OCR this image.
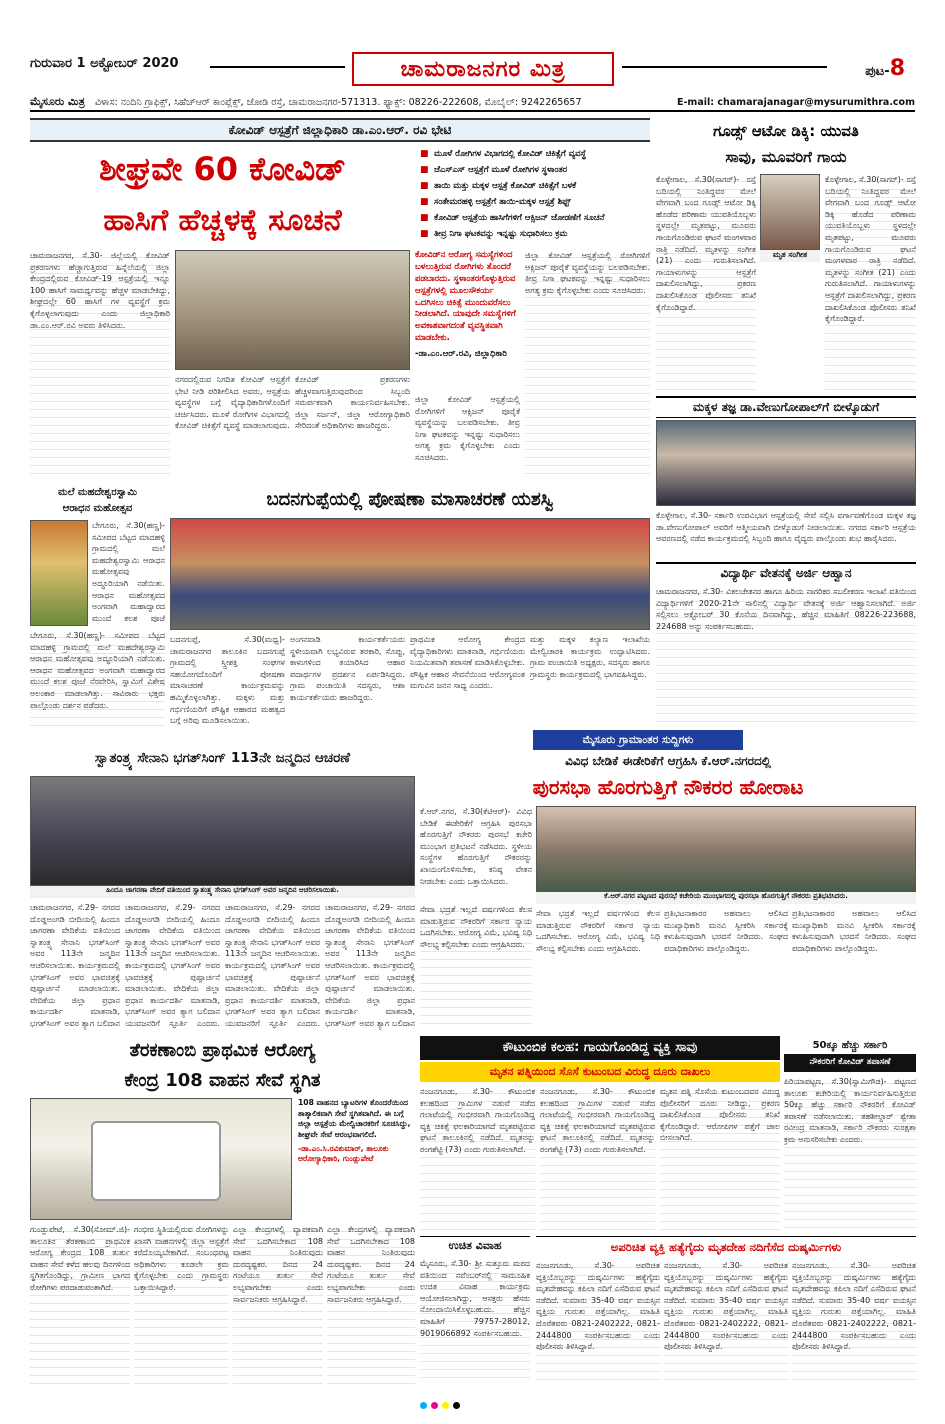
ಗುರುವಾರ 1 ಅಕ್ಟೋಬರ್ 2020	ಚಾಮರಾಜನಗರ ಮಿತ್ರ	ಪುಟ-8
ಮೈಸೂರು ಮಿತ್ರ ವಿಳಾಸ: ನಂದಿನಿ ಗ್ರಾಫಿಕ್ಸ್, ಸಿಹೆಚ್‌ಆರ್ ಕಾಂಪ್ಲೆಕ್ಸ್, ಜೋಡಿ ರಸ್ತೆ, ಚಾಮರಾಜನಗರ-571313. ಫ್ಯಾಕ್ಸ್: 08226-222608, ಮೊಬೈಲ್: 9242265657	E-mail: chamarajanagar@mysurumithra.com
ಕೋವಿಡ್ ಆಸ್ಪತ್ರೆಗೆ ಜಿಲ್ಲಾಧಿಕಾರಿ ಡಾ.ಎಂ.ಆರ್. ರವಿ ಭೇಟಿ
ಶೀಘ್ರವೇ 60 ಕೋವಿಡ್
ಹಾಸಿಗೆ ಹೆಚ್ಚಳಕ್ಕೆ ಸೂಚನೆ
■ ಮೂಳೆ ರೋಗಿಗಳ ವಿಭಾಗದಲ್ಲಿ ಕೋವಿಡ್ ಚಿಕಿತ್ಸೆಗೆ ವ್ಯವಸ್ಥೆ
■ ಜೆಎಸ್‌ಎಸ್ ಆಸ್ಪತ್ರೆಗೆ ಮೂಳೆ ರೋಗಿಗಳ ಸ್ಥಳಾಂತರ
■ ತಾಯಿ ಮತ್ತು ಮಕ್ಕಳ ಆಸ್ಪತ್ರೆ ಕೋವಿಡ್ ಚಿಕಿತ್ಸೆಗೆ ಬಳಕೆ
■ ಸಂತೇಮರಹಳ್ಳಿ ಆಸ್ಪತ್ರೆಗೆ ತಾಯಿ-ಮಕ್ಕಳ ಆಸ್ಪತ್ರೆ ಶಿಫ್ಟ್
■ ಕೋವಿಡ್ ಆಸ್ಪತ್ರೆಯ ಹಾಸಿಗೆಗಳಿಗೆ ಆಕ್ಸಿಜನ್ ಜೋಡಣೆಗೆ ಸೂಚನೆ
■ ತೀವ್ರ ನಿಗಾ ಘಟಕವನ್ನು ಇನ್ನಷ್ಟು ಸುಧಾರಿಸಲು ಕ್ರಮ
ಚಾಮರಾಜನಗರ, ಸೆ.30- ಜಿಲ್ಲೆಯಲ್ಲಿ ಕೋವಿಡ್ ಪ್ರಕರಣಗಳು ಹೆಚ್ಚಾಗುತ್ತಿರುವ ಹಿನ್ನೆಲೆಯಲ್ಲಿ ಜಿಲ್ಲಾ ಕೇಂದ್ರದಲ್ಲಿರುವ ಕೋವಿಡ್-19 ಆಸ್ಪತ್ರೆಯಲ್ಲಿ ಇನ್ನೂ 100 ಹಾಸಿಗೆ ಸಾಮರ್ಥ್ಯವನ್ನು ಹೆಚ್ಚಳ ಮಾಡಬೇಕಿದ್ದು, ಶೀಘ್ರದಲ್ಲೇ 60 ಹಾಸಿಗೆ ಗಳ ವ್ಯವಸ್ಥೆಗೆ ಕ್ರಮ ಕೈಗೊಳ್ಳಲಾಗುವುದು ಎಂದು ಜಿಲ್ಲಾಧಿಕಾರಿ ಡಾ.ಎಂ.ಆರ್.ರವಿ ಅವರು ತಿಳಿಸಿದರು.
ನಗರದಲ್ಲಿರುವ ನಿಗದಿತ ಕೋವಿಡ್ ಆಸ್ಪತ್ರೆಗೆ ಭೇಟಿ ನೀಡಿ ಪರಿಶೀಲಿಸಿದ ಅವರು, ಆಸ್ಪತ್ರೆಯ ವ್ಯವಸ್ಥೆಗಳ ಬಗ್ಗೆ ವೈದ್ಯಾಧಿಕಾರಿಗಳೊಂದಿಗೆ ಚರ್ಚಿಸಿದರು. ಮೂಳೆ ರೋಗಿಗಳ ವಿಭಾಗದಲ್ಲಿ ಕೋವಿಡ್ ಚಿಕಿತ್ಸೆಗೆ ವ್ಯವಸ್ಥೆ ಮಾಡಲಾಗುವುದು.
ಕೋವಿಡ್ ಪ್ರಕರಣಗಳು ಹೆಚ್ಚಳವಾಗುತ್ತಿರುವುದರಿಂದ ಸಿಬ್ಬಂದಿ ಸಮರ್ಪಕವಾಗಿ ಕಾರ್ಯನಿರ್ವಹಿಸಬೇಕು. ಜಿಲ್ಲಾ ಸರ್ಜನ್, ಜಿಲ್ಲಾ ಆರೋಗ್ಯಾಧಿಕಾರಿ ಸೇರಿದಂತೆ ಅಧಿಕಾರಿಗಳು ಹಾಜರಿದ್ದರು.
ಕೋವಿಡ್‌ನ ಆರೋಗ್ಯ ಸಮಸ್ಯೆಗಳಿಂದ ಬಳಲುತ್ತಿರುವ ರೋಗಿಗಳು ತೊಂದರೆ ಪಡಬಾರದು. ಸ್ಥಳಾಂತರಗೊಳ್ಳುತ್ತಿರುವ ಆಸ್ಪತ್ರೆಗಳಲ್ಲಿ ಮೂಲಸೌಕರ್ಯ ಒದಗಿಸಲು ಚಿಕಿತ್ಸೆ ಮುಂದುವರೆಸಲು ನೀಡಲಾಗಿದೆ. ಯಾವುದೇ ಸಮಸ್ಯೆಗಳಿಗೆ ಅವಕಾಶವಾಗದಂತೆ ವ್ಯವಸ್ಥಿತವಾಗಿ ಮಾಡಬೇಕು.
-ಡಾ.ಎಂ.ಆರ್.ರವಿ, ಜಿಲ್ಲಾಧಿಕಾರಿ
ಜಿಲ್ಲಾ ಕೋವಿಡ್ ಆಸ್ಪತ್ರೆಯಲ್ಲಿ ರೋಗಿಗಳಿಗೆ ಆಕ್ಸಿಜನ್ ಪೂರೈಕೆ ವ್ಯವಸ್ಥೆಯನ್ನು ಬಲಪಡಿಸಬೇಕು. ತೀವ್ರ ನಿಗಾ ಘಟಕವನ್ನು ಇನ್ನಷ್ಟು ಸುಧಾರಿಸಲು ಅಗತ್ಯ ಕ್ರಮ ಕೈಗೊಳ್ಳಬೇಕು ಎಂದು ಸೂಚಿಸಿದರು.
ಜಿಲ್ಲಾ ಕೋವಿಡ್ ಆಸ್ಪತ್ರೆಯಲ್ಲಿ ರೋಗಿಗಳಿಗೆ ಆಕ್ಸಿಜನ್ ಪೂರೈಕೆ ವ್ಯವಸ್ಥೆಯನ್ನು ಬಲಪಡಿಸಬೇಕು. ತೀವ್ರ ನಿಗಾ ಘಟಕವನ್ನು ಇನ್ನಷ್ಟು ಸುಧಾರಿಸಲು ಅಗತ್ಯ ಕ್ರಮ ಕೈಗೊಳ್ಳಬೇಕು ಎಂದು ಸೂಚಿಸಿದರು.
ಗೂಡ್ಸ್ ಆಟೋ ಡಿಕ್ಕಿ: ಯುವತಿ
ಸಾವು, ಮೂವರಿಗೆ ಗಾಯ
ಕೊಳ್ಳೇಗಾಲ, ಸೆ.30(ಸಾಗರ್)- ರಸ್ತೆ ಬದಿಯಲ್ಲಿ ನಿಂತಿದ್ದವರ ಮೇಲೆ ವೇಗವಾಗಿ ಬಂದ ಗೂಡ್ಸ್ ಆಟೋ ಡಿಕ್ಕಿ ಹೊಡೆದ ಪರಿಣಾಮ ಯುವತಿಯೊಬ್ಬಳು ಸ್ಥಳದಲ್ಲೇ ಮೃತಪಟ್ಟು, ಮೂವರು ಗಾಯಗೊಂಡಿರುವ ಘಟನೆ ಮಂಗಳವಾರ ರಾತ್ರಿ ನಡೆದಿದೆ. ಮೃತಳನ್ನು ಸಂಗೀತ (21) ಎಂದು ಗುರುತಿಸಲಾಗಿದೆ. ಗಾಯಾಳುಗಳನ್ನು ಆಸ್ಪತ್ರೆಗೆ ದಾಖಲಿಸಲಾಗಿದ್ದು, ಪ್ರಕರಣ ದಾಖಲಿಸಿಕೊಂಡ ಪೊಲೀಸರು ತನಿಖೆ ಕೈಗೊಂಡಿದ್ದಾರೆ.
ಮೃತ ಸಂಗೀತ
ಕೊಳ್ಳೇಗಾಲ, ಸೆ.30(ಸಾಗರ್)- ರಸ್ತೆ ಬದಿಯಲ್ಲಿ ನಿಂತಿದ್ದವರ ಮೇಲೆ ವೇಗವಾಗಿ ಬಂದ ಗೂಡ್ಸ್ ಆಟೋ ಡಿಕ್ಕಿ ಹೊಡೆದ ಪರಿಣಾಮ ಯುವತಿಯೊಬ್ಬಳು ಸ್ಥಳದಲ್ಲೇ ಮೃತಪಟ್ಟು, ಮೂವರು ಗಾಯಗೊಂಡಿರುವ ಘಟನೆ ಮಂಗಳವಾರ ರಾತ್ರಿ ನಡೆದಿದೆ. ಮೃತಳನ್ನು ಸಂಗೀತ (21) ಎಂದು ಗುರುತಿಸಲಾಗಿದೆ. ಗಾಯಾಳುಗಳನ್ನು ಆಸ್ಪತ್ರೆಗೆ ದಾಖಲಿಸಲಾಗಿದ್ದು, ಪ್ರಕರಣ ದಾಖಲಿಸಿಕೊಂಡ ಪೊಲೀಸರು ತನಿಖೆ ಕೈಗೊಂಡಿದ್ದಾರೆ.
ಮಕ್ಕಳ ತಜ್ಞ ಡಾ.ವೇಣುಗೋಪಾಲ್‌ಗೆ ಬೀಳ್ಕೊಡುಗೆ
ಕೊಳ್ಳೇಗಾಲ, ಸೆ.30- ಸರ್ಕಾರಿ ಉಪವಿಭಾಗ ಆಸ್ಪತ್ರೆಯಲ್ಲಿ ಸೇವೆ ಸಲ್ಲಿಸಿ ವರ್ಗಾವಣೆಗೊಂಡ ಮಕ್ಕಳ ತಜ್ಞ ಡಾ.ವೇಣುಗೋಪಾಲ್ ಅವರಿಗೆ ಆತ್ಮೀಯವಾಗಿ ಬೀಳ್ಕೊಡುಗೆ ನೀಡಲಾಯಿತು. ನಗರದ ಸರ್ಕಾರಿ ಆಸ್ಪತ್ರೆಯ ಆವರಣದಲ್ಲಿ ನಡೆದ ಕಾರ್ಯಕ್ರಮದಲ್ಲಿ ಸಿಬ್ಬಂದಿ ಹಾಗೂ ವೈದ್ಯರು ಪಾಲ್ಗೊಂಡು ಶುಭ ಹಾರೈಸಿದರು.
ವಿದ್ಯಾರ್ಥಿ ವೇತನಕ್ಕೆ ಅರ್ಜಿ ಆಹ್ವಾನ
ಚಾಮರಾಜನಗರ, ಸೆ.30- ವಿಕಲಚೇತನರ ಹಾಗೂ ಹಿರಿಯ ನಾಗರಿಕರ ಸಬಲೀಕರಣ ಇಲಾಖೆ ವತಿಯಿಂದ ವಿದ್ಯಾರ್ಥಿಗಳಿಗೆ 2020-21ನೇ ಸಾಲಿನಲ್ಲಿ ವಿದ್ಯಾರ್ಥಿ ವೇತನಕ್ಕೆ ಅರ್ಜಿ ಆಹ್ವಾನಿಸಲಾಗಿದೆ. ಅರ್ಜಿ ಸಲ್ಲಿಸಲು ಅಕ್ಟೋಬರ್ 30 ಕೊನೆಯ ದಿನವಾಗಿದ್ದು, ಹೆಚ್ಚಿನ ಮಾಹಿತಿಗೆ 08226-223688, 224688 ಅನ್ನು ಸಂಪರ್ಕಿಸಬಹುದು.
ಮಲೆ ಮಹದೇಶ್ವರಸ್ವಾಮಿ
ಆರಾಧನ ಮಹೋತ್ಸವ
ಬೇಗೂರು, ಸೆ.30(ಹಣ್ಣ)- ಸಮೀಪದ ಬೆಟ್ಟದ ಮಾದಹಳ್ಳಿ ಗ್ರಾಮದಲ್ಲಿ ಮಲೆ ಮಹದೇಶ್ವರಸ್ವಾಮಿ ಆರಾಧನ ಮಹೋತ್ಸವವು ಅದ್ಧೂರಿಯಾಗಿ ನಡೆಯಿತು. ಆರಾಧನ ಮಹೋತ್ಸವದ ಅಂಗವಾಗಿ ಮಹಾದ್ವಾರದ ಮುಂದೆ ಕಲಶ ಪೂಜೆ
ಬೇಗೂರು, ಸೆ.30(ಹಣ್ಣ)- ಸಮೀಪದ ಬೆಟ್ಟದ ಮಾದಹಳ್ಳಿ ಗ್ರಾಮದಲ್ಲಿ ಮಲೆ ಮಹದೇಶ್ವರಸ್ವಾಮಿ ಆರಾಧನ ಮಹೋತ್ಸವವು ಅದ್ಧೂರಿಯಾಗಿ ನಡೆಯಿತು. ಆರಾಧನ ಮಹೋತ್ಸವದ ಅಂಗವಾಗಿ ಮಹಾದ್ವಾರದ ಮುಂದೆ ಕಲಶ ಪೂಜೆ ನೆರವೇರಿಸಿ, ಸ್ವಾಮಿಗೆ ವಿಶೇಷ ಅಲಂಕಾರ ಮಾಡಲಾಗಿತ್ತು. ಸಾವಿರಾರು ಭಕ್ತರು ಪಾಲ್ಗೊಂಡು ದರ್ಶನ ಪಡೆದರು.
ಬದನಗುಪ್ಪೆಯಲ್ಲಿ ಪೋಷಣಾ ಮಾಸಾಚರಣೆ ಯಶಸ್ವಿ
ಬದನಗುಪ್ಪೆ, ಸೆ.30(ಮಧ್ವ)- ಚಾಮರಾಜನಗರ ತಾಲೂಕಿನ ಬದನಗುಪ್ಪೆ ಗ್ರಾಮದಲ್ಲಿ ಸ್ತ್ರೀಶಕ್ತಿ ಸಂಘಗಳ ಸಹಯೋಗದೊಂದಿಗೆ ಪೋಷಣಾ ಮಾಸಾಚರಣೆ ಕಾರ್ಯಕ್ರಮವನ್ನು ಹಮ್ಮಿಕೊಳ್ಳಲಾಗಿತ್ತು. ಮಕ್ಕಳು ಮತ್ತು ಗರ್ಭಿಣಿಯರಿಗೆ ಪೌಷ್ಟಿಕ ಆಹಾರದ ಮಹತ್ವದ ಬಗ್ಗೆ ಅರಿವು ಮೂಡಿಸಲಾಯಿತು.
ಅಂಗನವಾಡಿ ಕಾರ್ಯಕರ್ತೆಯರು ಸ್ಥಳೀಯವಾಗಿ ಲಭ್ಯವಿರುವ ತರಕಾರಿ, ಸೊಪ್ಪು, ಕಾಳುಗಳಿಂದ ತಯಾರಿಸಿದ ಆಹಾರ ಪದಾರ್ಥಗಳ ಪ್ರದರ್ಶನ ಏರ್ಪಡಿಸಿದ್ದರು. ಗ್ರಾಮ ಪಂಚಾಯಿತಿ ಸದಸ್ಯರು, ಆಶಾ ಕಾರ್ಯಕರ್ತೆಯರು ಹಾಜರಿದ್ದರು.
ಪ್ರಾಥಮಿಕ ಆರೋಗ್ಯ ಕೇಂದ್ರದ ವೈದ್ಯಾಧಿಕಾರಿಗಳು ಮಾತನಾಡಿ, ಗರ್ಭಿಣಿಯರು ನಿಯಮಿತವಾಗಿ ತಪಾಸಣೆ ಮಾಡಿಸಿಕೊಳ್ಳಬೇಕು. ಪೌಷ್ಟಿಕ ಆಹಾರ ಸೇವನೆಯಿಂದ ಆರೋಗ್ಯವಂತ ಮಗುವಿನ ಜನನ ಸಾಧ್ಯ ಎಂದರು.
ಮತ್ತು ಮಕ್ಕಳ ಕಲ್ಯಾಣ ಇಲಾಖೆಯ ಮೇಲ್ವಿಚಾರಕಿ ಕಾರ್ಯಕ್ರಮ ಉದ್ಘಾಟಿಸಿದರು. ಗ್ರಾಮ ಪಂಚಾಯಿತಿ ಅಧ್ಯಕ್ಷರು, ಸದಸ್ಯರು ಹಾಗೂ ಗ್ರಾಮಸ್ಥರು ಕಾರ್ಯಕ್ರಮದಲ್ಲಿ ಭಾಗವಹಿಸಿದ್ದರು.
ಮೈಸೂರು ಗ್ರಾಮಾಂತರ ಸುದ್ದಿಗಳು
ಸ್ವಾತಂತ್ರ್ಯ ಸೇನಾನಿ ಭಗತ್‌ಸಿಂಗ್ 113ನೇ ಜನ್ಮದಿನ ಆಚರಣೆ
ಹಿಂದೂ ಜಾಗರಣಾ ವೇದಿಕೆ ವತಿಯಿಂದ ಸ್ವಾತಂತ್ರ್ಯ ಸೇನಾನಿ ಭಗತ್‌ಸಿಂಗ್ ಅವರ ಜನ್ಮದಿನ ಆಚರಿಸಲಾಯಿತು.
ಚಾಮರಾಜನಗರ, ಸೆ.29- ನಗರದ ದೊಡ್ಡಅಂಗಡಿ ಬೀದಿಯಲ್ಲಿ ಹಿಂದೂ ಜಾಗರಣಾ ವೇದಿಕೆಯ ವತಿಯಿಂದ ಸ್ವಾತಂತ್ರ್ಯ ಸೇನಾನಿ ಭಗತ್‌ಸಿಂಗ್ ಅವರ 113ನೇ ಜನ್ಮದಿನ ಆಚರಿಸಲಾಯಿತು. ಕಾರ್ಯಕ್ರಮದಲ್ಲಿ ಭಗತ್‌ಸಿಂಗ್ ಅವರ ಭಾವಚಿತ್ರಕ್ಕೆ ಪುಷ್ಪಾರ್ಚನೆ ಮಾಡಲಾಯಿತು. ವೇದಿಕೆಯ ಜಿಲ್ಲಾ ಪ್ರಧಾನ ಕಾರ್ಯದರ್ಶಿ ಮಾತನಾಡಿ, ಭಗತ್‌ಸಿಂಗ್ ಅವರ ತ್ಯಾಗ ಬಲಿದಾನ
ಚಾಮರಾಜನಗರ, ಸೆ.29- ನಗರದ ದೊಡ್ಡಅಂಗಡಿ ಬೀದಿಯಲ್ಲಿ ಹಿಂದೂ ಜಾಗರಣಾ ವೇದಿಕೆಯ ವತಿಯಿಂದ ಸ್ವಾತಂತ್ರ್ಯ ಸೇನಾನಿ ಭಗತ್‌ಸಿಂಗ್ ಅವರ 113ನೇ ಜನ್ಮದಿನ ಆಚರಿಸಲಾಯಿತು. ಕಾರ್ಯಕ್ರಮದಲ್ಲಿ ಭಗತ್‌ಸಿಂಗ್ ಅವರ ಭಾವಚಿತ್ರಕ್ಕೆ ಪುಷ್ಪಾರ್ಚನೆ ಮಾಡಲಾಯಿತು. ವೇದಿಕೆಯ ಜಿಲ್ಲಾ ಪ್ರಧಾನ ಕಾರ್ಯದರ್ಶಿ ಮಾತನಾಡಿ, ಭಗತ್‌ಸಿಂಗ್ ಅವರ ತ್ಯಾಗ ಬಲಿದಾನ ಯುವಜನರಿಗೆ ಸ್ಫೂರ್ತಿ ಎಂದರು.
ಚಾಮರಾಜನಗರ, ಸೆ.29- ನಗರದ ದೊಡ್ಡಅಂಗಡಿ ಬೀದಿಯಲ್ಲಿ ಹಿಂದೂ ಜಾಗರಣಾ ವೇದಿಕೆಯ ವತಿಯಿಂದ ಸ್ವಾತಂತ್ರ್ಯ ಸೇನಾನಿ ಭಗತ್‌ಸಿಂಗ್ ಅವರ 113ನೇ ಜನ್ಮದಿನ ಆಚರಿಸಲಾಯಿತು. ಕಾರ್ಯಕ್ರಮದಲ್ಲಿ ಭಗತ್‌ಸಿಂಗ್ ಅವರ ಭಾವಚಿತ್ರಕ್ಕೆ ಪುಷ್ಪಾರ್ಚನೆ ಮಾಡಲಾಯಿತು. ವೇದಿಕೆಯ ಜಿಲ್ಲಾ ಪ್ರಧಾನ ಕಾರ್ಯದರ್ಶಿ ಮಾತನಾಡಿ, ಭಗತ್‌ಸಿಂಗ್ ಅವರ ತ್ಯಾಗ ಬಲಿದಾನ ಯುವಜನರಿಗೆ ಸ್ಫೂರ್ತಿ ಎಂದರು.
ಚಾಮರಾಜನಗರ, ಸೆ.29- ನಗರದ ದೊಡ್ಡಅಂಗಡಿ ಬೀದಿಯಲ್ಲಿ ಹಿಂದೂ ಜಾಗರಣಾ ವೇದಿಕೆಯ ವತಿಯಿಂದ ಸ್ವಾತಂತ್ರ್ಯ ಸೇನಾನಿ ಭಗತ್‌ಸಿಂಗ್ ಅವರ 113ನೇ ಜನ್ಮದಿನ ಆಚರಿಸಲಾಯಿತು. ಕಾರ್ಯಕ್ರಮದಲ್ಲಿ ಭಗತ್‌ಸಿಂಗ್ ಅವರ ಭಾವಚಿತ್ರಕ್ಕೆ ಪುಷ್ಪಾರ್ಚನೆ ಮಾಡಲಾಯಿತು. ವೇದಿಕೆಯ ಜಿಲ್ಲಾ ಪ್ರಧಾನ ಕಾರ್ಯದರ್ಶಿ ಮಾತನಾಡಿ, ಭಗತ್‌ಸಿಂಗ್ ಅವರ ತ್ಯಾಗ ಬಲಿದಾನ
ವಿವಿಧ ಬೇಡಿಕೆ ಈಡೇರಿಕೆಗೆ ಆಗ್ರಹಿಸಿ ಕೆ.ಆರ್.ನಗರದಲ್ಲಿ
ಪುರಸಭಾ ಹೊರಗುತ್ತಿಗೆ ನೌಕರರ ಹೋರಾಟ
ಕೆ.ಆರ್.ನಗರ, ಸೆ.30(ಕೆಟಿಆರ್)- ವಿವಿಧ ಬೇಡಿಕೆ ಈಡೇರಿಕೆಗೆ ಆಗ್ರಹಿಸಿ ಪುರಸಭಾ ಹೊರಗುತ್ತಿಗೆ ನೌಕರರು ಪುರಸಭೆ ಕಚೇರಿ ಮುಂಭಾಗ ಪ್ರತಿಭಟನೆ ನಡೆಸಿದರು. ಸ್ಥಳೀಯ ಸಂಸ್ಥೆಗಳ ಹೊರಗುತ್ತಿಗೆ ನೌಕರರನ್ನು ಖಾಯಂಗೊಳಿಸಬೇಕು, ಕನಿಷ್ಠ ವೇತನ ನೀಡಬೇಕು ಎಂದು ಒತ್ತಾಯಿಸಿದರು.
ಕೆ.ಆರ್.ನಗರ ಪಟ್ಟಣದ ಪುರಸಭೆ ಕಚೇರಿಯ ಮುಂಭಾಗದಲ್ಲಿ ಪುರಸಭಾ ಹೊರಗುತ್ತಿಗೆ ನೌಕರರು ಪ್ರತಿಭಟಿಸಿದರು.
ಸೇವಾ ಭದ್ರತೆ ಇಲ್ಲದೆ ವರ್ಷಗಳಿಂದ ಕೆಲಸ ಮಾಡುತ್ತಿರುವ ನೌಕರರಿಗೆ ಸರ್ಕಾರ ನ್ಯಾಯ ಒದಗಿಸಬೇಕು. ಆರೋಗ್ಯ ವಿಮೆ, ಭವಿಷ್ಯ ನಿಧಿ ಸೌಲಭ್ಯ ಕಲ್ಪಿಸಬೇಕು ಎಂದು ಆಗ್ರಹಿಸಿದರು.
ಸೇವಾ ಭದ್ರತೆ ಇಲ್ಲದೆ ವರ್ಷಗಳಿಂದ ಕೆಲಸ ಮಾಡುತ್ತಿರುವ ನೌಕರರಿಗೆ ಸರ್ಕಾರ ನ್ಯಾಯ ಒದಗಿಸಬೇಕು. ಆರೋಗ್ಯ ವಿಮೆ, ಭವಿಷ್ಯ ನಿಧಿ ಸೌಲಭ್ಯ ಕಲ್ಪಿಸಬೇಕು ಎಂದು ಆಗ್ರಹಿಸಿದರು.
ಪ್ರತಿಭಟನಾಕಾರರ ಅಹವಾಲು ಆಲಿಸಿದ ಮುಖ್ಯಾಧಿಕಾರಿ ಮನವಿ ಸ್ವೀಕರಿಸಿ ಸರ್ಕಾರಕ್ಕೆ ಕಳುಹಿಸುವುದಾಗಿ ಭರವಸೆ ನೀಡಿದರು. ಸಂಘದ ಪದಾಧಿಕಾರಿಗಳು ಪಾಲ್ಗೊಂಡಿದ್ದರು.
ಪ್ರತಿಭಟನಾಕಾರರ ಅಹವಾಲು ಆಲಿಸಿದ ಮುಖ್ಯಾಧಿಕಾರಿ ಮನವಿ ಸ್ವೀಕರಿಸಿ ಸರ್ಕಾರಕ್ಕೆ ಕಳುಹಿಸುವುದಾಗಿ ಭರವಸೆ ನೀಡಿದರು. ಸಂಘದ ಪದಾಧಿಕಾರಿಗಳು ಪಾಲ್ಗೊಂಡಿದ್ದರು.
ತೆರಕಣಾಂಬಿ ಪ್ರಾಥಮಿಕ ಆರೋಗ್ಯ
ಕೇಂದ್ರ 108 ವಾಹನ ಸೇವೆ ಸ್ಥಗಿತ
108 ವಾಹನದ ಬ್ಯಾಟರಿಗಳ ತೊಂದರೆಯಿಂದ ತಾತ್ಕಾಲಿಕವಾಗಿ ಸೇವೆ ಸ್ಥಗಿತವಾಗಿದೆ. ಈ ಬಗ್ಗೆ ಜಿಲ್ಲಾ ಆಸ್ಪತ್ರೆಯ ಮೇಲ್ವಿಚಾರಕರಿಗೆ ಸೂಚಿಸಿದ್ದು, ಶೀಘ್ರವೇ ಸೇವೆ ಆರಂಭವಾಗಲಿದೆ.
-ಡಾ.ಎಂ.ಸಿ.ರವಿಕುಮಾರ್, ತಾಲೂಕು ಆರೋಗ್ಯಾಧಿಕಾರಿ, ಗುಂಡ್ಲುಪೇಟೆ
ಗುಂಡ್ಲುಪೇಟೆ, ಸೆ.30(ಸೋಮ್.ಜಿ)- ತಾಲೂಕಿನ ತೆರಕಣಾಂಬಿ ಪ್ರಾಥಮಿಕ ಆರೋಗ್ಯ ಕೇಂದ್ರದ 108 ತುರ್ತು ವಾಹನ ಸೇವೆ ಕಳೆದ ಹಲವು ದಿನಗಳಿಂದ ಸ್ಥಗಿತಗೊಂಡಿದ್ದು, ಗ್ರಾಮೀಣ ಭಾಗದ ರೋಗಿಗಳು ಪರದಾಡುವಂತಾಗಿದೆ.
ಗಂಭೀರ ಸ್ಥಿತಿಯಲ್ಲಿರುವ ರೋಗಿಗಳನ್ನು ಖಾಸಗಿ ವಾಹನಗಳಲ್ಲಿ ಜಿಲ್ಲಾ ಆಸ್ಪತ್ರೆಗೆ ಕರೆದೊಯ್ಯಬೇಕಾಗಿದೆ. ಸಂಬಂಧಪಟ್ಟ ಅಧಿಕಾರಿಗಳು ಕೂಡಲೇ ಕ್ರಮ ಕೈಗೊಳ್ಳಬೇಕು ಎಂದು ಗ್ರಾಮಸ್ಥರು ಒತ್ತಾಯಿಸಿದ್ದಾರೆ.
ಎಲ್ಲಾ ಕೇಂದ್ರಗಳಲ್ಲಿ ವ್ಯಾಪಕವಾಗಿ ಸೇವೆ ಒದಗಿಸಬೇಕಾದ 108 ವಾಹನ ನಿಂತಿರುವುದು ದುರದೃಷ್ಟಕರ. ದಿನದ 24 ಗಂಟೆಯೂ ತುರ್ತು ಸೇವೆ ಲಭ್ಯವಾಗಬೇಕು ಎಂದು ಸಾರ್ವಜನಿಕರು ಆಗ್ರಹಿಸಿದ್ದಾರೆ.
ಎಲ್ಲಾ ಕೇಂದ್ರಗಳಲ್ಲಿ ವ್ಯಾಪಕವಾಗಿ ಸೇವೆ ಒದಗಿಸಬೇಕಾದ 108 ವಾಹನ ನಿಂತಿರುವುದು ದುರದೃಷ್ಟಕರ. ದಿನದ 24 ಗಂಟೆಯೂ ತುರ್ತು ಸೇವೆ ಲಭ್ಯವಾಗಬೇಕು ಎಂದು ಸಾರ್ವಜನಿಕರು ಆಗ್ರಹಿಸಿದ್ದಾರೆ.
ಕೌಟುಂಬಿಕ ಕಲಹ: ಗಾಯಗೊಂಡಿದ್ದ ವ್ಯಕ್ತಿ ಸಾವು
ಮೃತನ ಪತ್ನಿಯಿಂದ ಸೊಸೆ ಕುಟುಂಬದ ವಿರುದ್ಧ ದೂರು ದಾಖಲು
ನಂಜನಗೂಡು, ಸೆ.30- ಕೌಟುಂಬಿಕ ಕಲಹದಿಂದ ಗ್ರಾಮಿಗಳ ನಡುವೆ ನಡೆದ ಗಲಾಟೆಯಲ್ಲಿ ಗಂಭೀರವಾಗಿ ಗಾಯಗೊಂಡಿದ್ದ ವ್ಯಕ್ತಿ ಚಿಕಿತ್ಸೆ ಫಲಕಾರಿಯಾಗದೆ ಮೃತಪಟ್ಟಿರುವ ಘಟನೆ ತಾಲೂಕಿನಲ್ಲಿ ನಡೆದಿದೆ. ಮೃತನನ್ನು ರಂಗಶೆಟ್ಟಿ (73) ಎಂದು ಗುರುತಿಸಲಾಗಿದೆ.
ನಂಜನಗೂಡು, ಸೆ.30- ಕೌಟುಂಬಿಕ ಕಲಹದಿಂದ ಗ್ರಾಮಿಗಳ ನಡುವೆ ನಡೆದ ಗಲಾಟೆಯಲ್ಲಿ ಗಂಭೀರವಾಗಿ ಗಾಯಗೊಂಡಿದ್ದ ವ್ಯಕ್ತಿ ಚಿಕಿತ್ಸೆ ಫಲಕಾರಿಯಾಗದೆ ಮೃತಪಟ್ಟಿರುವ ಘಟನೆ ತಾಲೂಕಿನಲ್ಲಿ ನಡೆದಿದೆ. ಮೃತನನ್ನು ರಂಗಶೆಟ್ಟಿ (73) ಎಂದು ಗುರುತಿಸಲಾಗಿದೆ.
ಮೃತನ ಪತ್ನಿ ಸೊಸೆಯ ಕುಟುಂಬದವರ ವಿರುದ್ಧ ಪೊಲೀಸರಿಗೆ ದೂರು ನೀಡಿದ್ದು, ಪ್ರಕರಣ ದಾಖಲಿಸಿಕೊಂಡ ಪೊಲೀಸರು ತನಿಖೆ ಕೈಗೊಂಡಿದ್ದಾರೆ. ಆರೋಪಿಗಳ ಪತ್ತೆಗೆ ಜಾಲ ಬೀಸಲಾಗಿದೆ.
50ಕ್ಕೂ ಹೆಚ್ಚು ಸರ್ಕಾರಿ
ನೌಕರರಿಗೆ ಕೋವಿಡ್ ತಪಾಸಣೆ
ಪಿರಿಯಾಪಟ್ಟಣ, ಸೆ.30(ಸ್ವಾಮಿಗೌಡ)- ಪಟ್ಟಣದ ತಾಲೂಕು ಕಚೇರಿಯಲ್ಲಿ ಕಾರ್ಯನಿರ್ವಹಿಸುತ್ತಿರುವ 50ಕ್ಕೂ ಹೆಚ್ಚು ಸರ್ಕಾರಿ ನೌಕರರಿಗೆ ಕೋವಿಡ್ ತಪಾಸಣೆ ನಡೆಸಲಾಯಿತು. ತಹಶೀಲ್ದಾರ್ ಶ್ವೇತಾ ರವೀಂದ್ರ ಮಾತನಾಡಿ, ಸರ್ಕಾರಿ ನೌಕರರು ಸುರಕ್ಷತಾ ಕ್ರಮ ಅನುಸರಿಸಬೇಕು ಎಂದರು.
ಉಚಿತ ವಿವಾಹ
ಮೈಸೂರು, ಸೆ.30- ಶ್ರೀ ಸುತ್ತೂರು ಮಠದ ವತಿಯಿಂದ ನವೆಂಬರ್‌ನಲ್ಲಿ ಸಾಮೂಹಿಕ ಉಚಿತ ವಿವಾಹ ಕಾರ್ಯಕ್ರಮ ಆಯೋಜಿಸಲಾಗಿದ್ದು, ಆಸಕ್ತರು ಹೆಸರು ನೋಂದಾಯಿಸಿಕೊಳ್ಳಬಹುದು. ಹೆಚ್ಚಿನ ಮಾಹಿತಿಗೆ 79757-28012, 9019066892 ಸಂಪರ್ಕಿಸಬಹುದು.
ಅಪರಿಚಿತ ವ್ಯಕ್ತಿ ಹತ್ಯೆಗೈದು ಮೃತದೇಹ ನದಿಗೆಸೆದ ದುಷ್ಕರ್ಮಿಗಳು
ನಂಜನಗೂಡು, ಸೆ.30- ಅಪರಿಚಿತ ವ್ಯಕ್ತಿಯೊಬ್ಬರನ್ನು ದುಷ್ಕರ್ಮಿಗಳು ಹತ್ಯೆಗೈದು ಮೃತದೇಹವನ್ನು ಕಪಿಲಾ ನದಿಗೆ ಎಸೆದಿರುವ ಘಟನೆ ನಡೆದಿದೆ. ಸುಮಾರು 35-40 ವರ್ಷ ವಯಸ್ಸಿನ ವ್ಯಕ್ತಿಯ ಗುರುತು ಪತ್ತೆಯಾಗಿಲ್ಲ. ಮಾಹಿತಿ ದೊರೆತವರು 0821-2402222, 0821-2444800 ಸಂಪರ್ಕಿಸಬಹುದು ಎಂದು ಪೊಲೀಸರು ತಿಳಿಸಿದ್ದಾರೆ.
ನಂಜನಗೂಡು, ಸೆ.30- ಅಪರಿಚಿತ ವ್ಯಕ್ತಿಯೊಬ್ಬರನ್ನು ದುಷ್ಕರ್ಮಿಗಳು ಹತ್ಯೆಗೈದು ಮೃತದೇಹವನ್ನು ಕಪಿಲಾ ನದಿಗೆ ಎಸೆದಿರುವ ಘಟನೆ ನಡೆದಿದೆ. ಸುಮಾರು 35-40 ವರ್ಷ ವಯಸ್ಸಿನ ವ್ಯಕ್ತಿಯ ಗುರುತು ಪತ್ತೆಯಾಗಿಲ್ಲ. ಮಾಹಿತಿ ದೊರೆತವರು 0821-2402222, 0821-2444800 ಸಂಪರ್ಕಿಸಬಹುದು ಎಂದು ಪೊಲೀಸರು ತಿಳಿಸಿದ್ದಾರೆ.
ನಂಜನಗೂಡು, ಸೆ.30- ಅಪರಿಚಿತ ವ್ಯಕ್ತಿಯೊಬ್ಬರನ್ನು ದುಷ್ಕರ್ಮಿಗಳು ಹತ್ಯೆಗೈದು ಮೃತದೇಹವನ್ನು ಕಪಿಲಾ ನದಿಗೆ ಎಸೆದಿರುವ ಘಟನೆ ನಡೆದಿದೆ. ಸುಮಾರು 35-40 ವರ್ಷ ವಯಸ್ಸಿನ ವ್ಯಕ್ತಿಯ ಗುರುತು ಪತ್ತೆಯಾಗಿಲ್ಲ. ಮಾಹಿತಿ ದೊರೆತವರು 0821-2402222, 0821-2444800 ಸಂಪರ್ಕಿಸಬಹುದು ಎಂದು ಪೊಲೀಸರು ತಿಳಿಸಿದ್ದಾರೆ.
